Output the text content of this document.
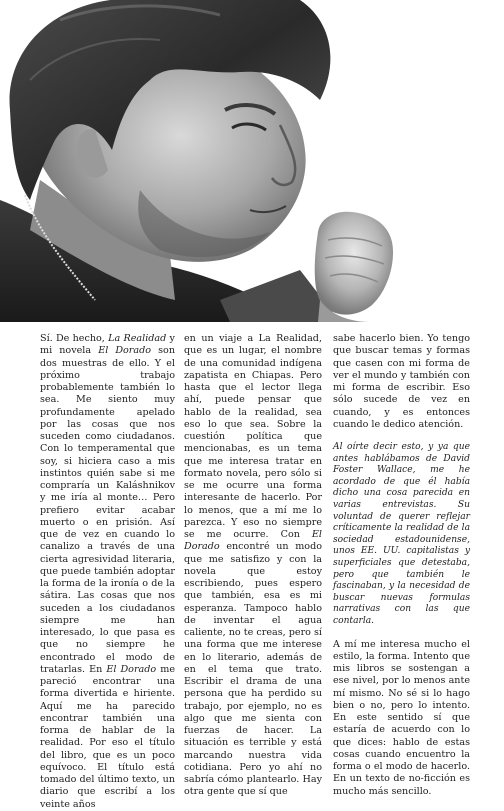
Sí. De hecho, La Realidad y mi novela El Dorado son dos muestras de ello. Y el próximo trabajo probablemente también lo sea. Me siento muy profundamente apelado por las cosas que nos suceden como ciudadanos. Con lo temperamental que soy, si hiciera caso a mis instintos quién sabe si me compraría un Kaláshnikov y me iría al monte… Pero prefiero evitar acabar muerto o en prisión. Así que de vez en cuando lo canalizo a través de una cierta agresividad literaria, que puede también adoptar la forma de la ironía o de la sátira. Las cosas que nos suceden a los ciudadanos siempre me han interesado, lo que pasa es que no siempre he encontrado el modo de tratarlas. En El Dorado me pareció encontrar una forma divertida e hiriente. Aquí me ha parecido encontrar también una forma de hablar de la realidad. Por eso el título del libro, que es un poco equívoco. El título está tomado del último texto, un diario que escribí a los veinte años

en un viaje a La Realidad, que es un lugar, el nombre de una comunidad indígena zapatista en Chiapas. Pero hasta que el lector llega ahí, puede pensar que hablo de la realidad, sea eso lo que sea. Sobre la cuestión política que mencionabas, es un tema que me interesa tratar en formato novela, pero sólo si se me ocurre una forma interesante de hacerlo. Por lo menos, que a mí me lo parezca. Y eso no siempre se me ocurre. Con El Dorado encontré un modo que me satisfizo y con la novela que estoy escribiendo, pues espero que también, esa es mi esperanza. Tampoco hablo de inventar el agua caliente, no te creas, pero sí una forma que me interese en lo literario, además de en el tema que trato. Escribir el drama de una persona que ha perdido su trabajo, por ejemplo, no es algo que me sienta con fuerzas de hacer. La situación es terrible y está marcando nuestra vida cotidiana. Pero yo ahí no sabría cómo plantearlo. Hay otra gente que sí que

sabe hacerlo bien. Yo tengo que buscar temas y formas que casen con mi forma de ver el mundo y también con mi forma de escribir. Eso sólo sucede de vez en cuando, y es entonces cuando le dedico atención.

Al oírte decir esto, y ya que antes hablábamos de David Foster Wallace, me he acordado de que él había dicho una cosa parecida en varias entrevistas. Su voluntad de querer reflejar críticamente la realidad de la sociedad estadounidense, unos EE. UU. capitalistas y superficiales que detestaba, pero que también le fascinaban, y la necesidad de buscar nuevas formulas narrativas con las que contarla.

A mí me interesa mucho el estilo, la forma. Intento que mis libros se sostengan a ese nivel, por lo menos ante mí mismo. No sé si lo hago bien o no, pero lo intento. En este sentido sí que estaría de acuerdo con lo que dices: hablo de estas cosas cuando encuentro la forma o el modo de hacerlo. En un texto de no-ficción es mucho más sencillo.
